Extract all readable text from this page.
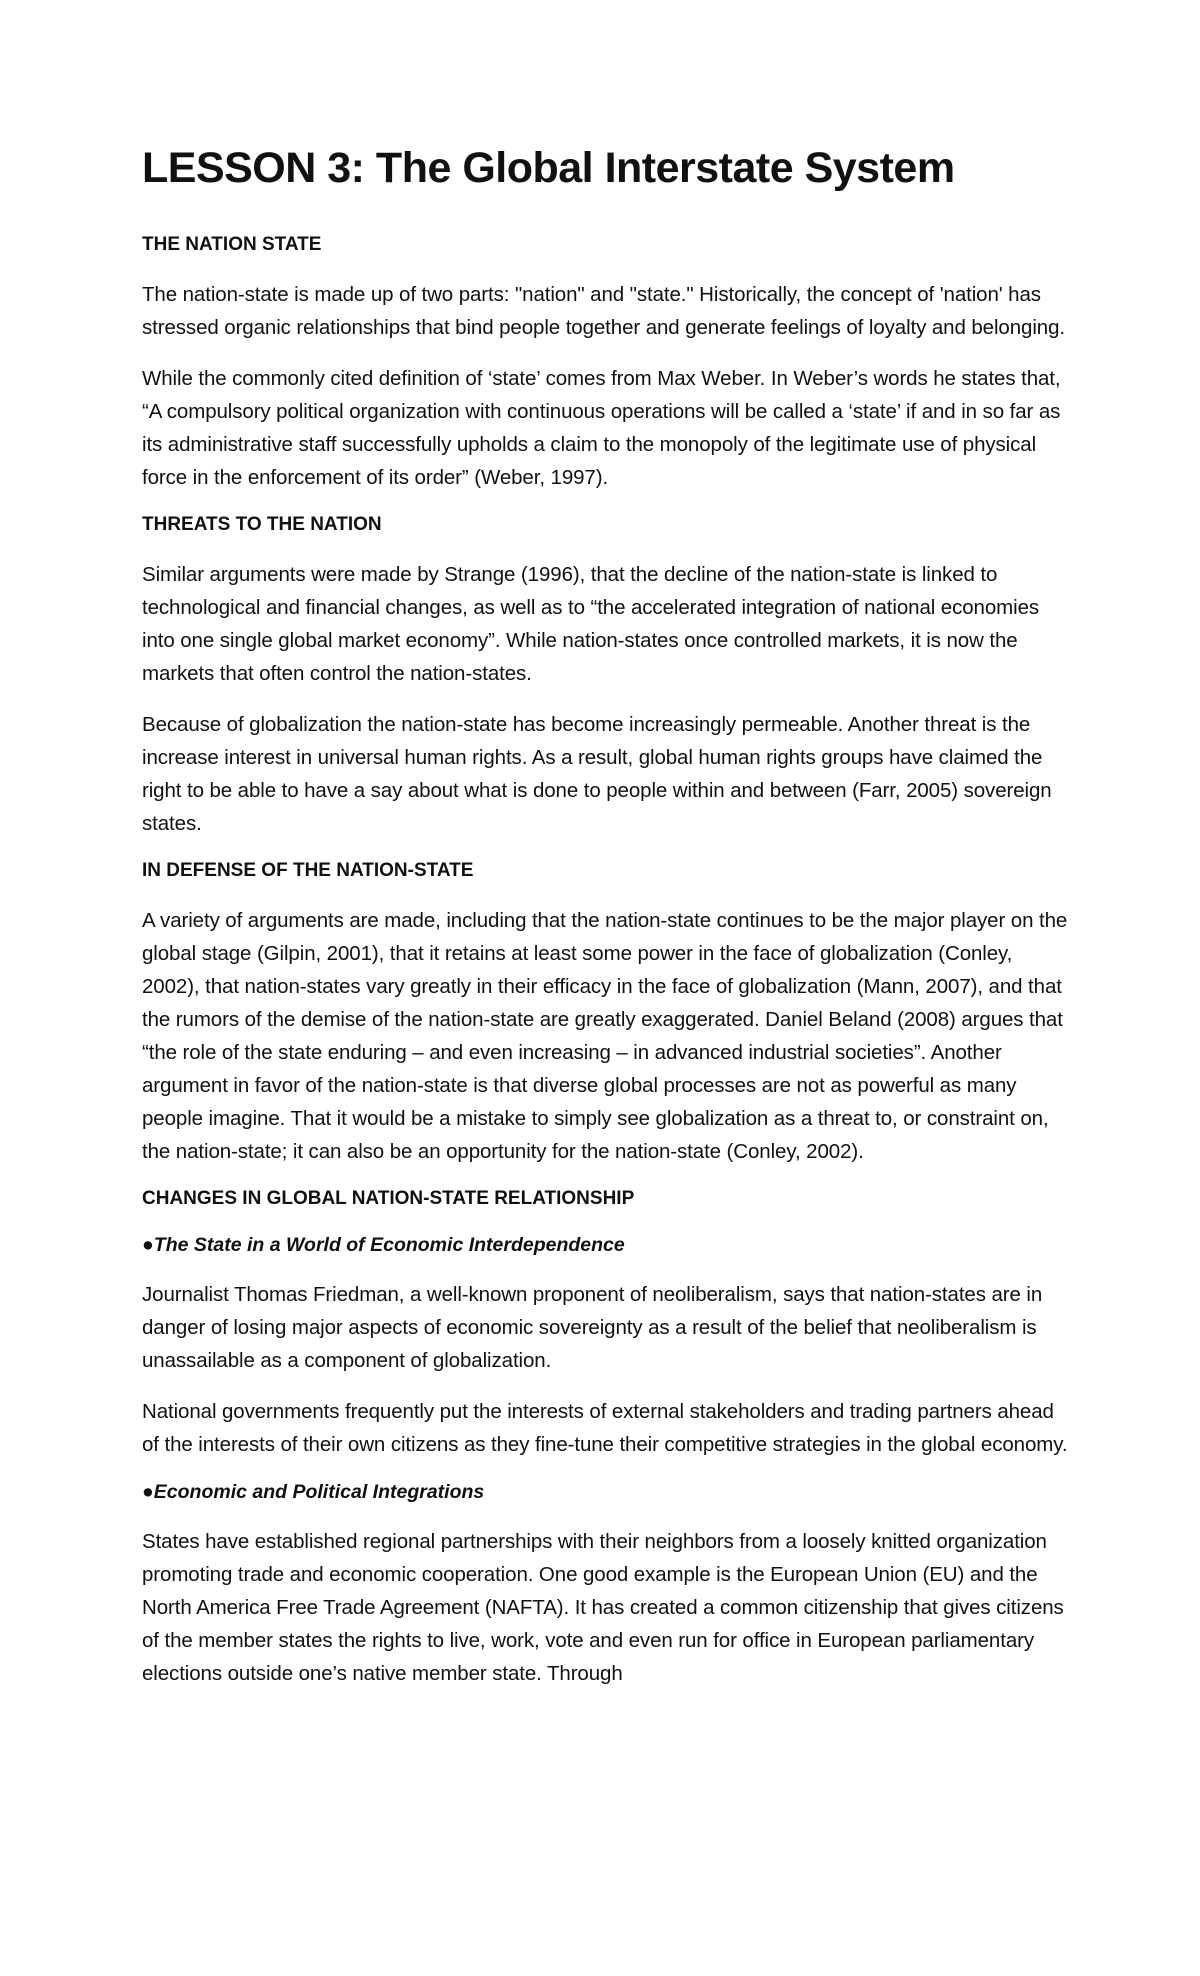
LESSON 3: The Global Interstate System
THE NATION STATE

The nation-state is made up of two parts: "nation" and "state." Historically, the concept of 'nation' has stressed organic relationships that bind people together and generate feelings of loyalty and belonging.

While the commonly cited definition of ‘state’ comes from Max Weber. In Weber’s words he states that, “A compulsory political organization with continuous operations will be called a ‘state’ if and in so far as its administrative staff successfully upholds a claim to the monopoly of the legitimate use of physical force in the enforcement of its order” (Weber, 1997).

THREATS TO THE NATION

Similar arguments were made by Strange (1996), that the decline of the nation-state is linked to technological and financial changes, as well as to “the accelerated integration of national economies into one single global market economy”. While nation-states once controlled markets, it is now the markets that often control the nation-states.

Because of globalization the nation-state has become increasingly permeable. Another threat is the increase interest in universal human rights. As a result, global human rights groups have claimed the right to be able to have a say about what is done to people within and between (Farr, 2005) sovereign states.

IN DEFENSE OF THE NATION-STATE

A variety of arguments are made, including that the nation-state continues to be the major player on the global stage (Gilpin, 2001), that it retains at least some power in the face of globalization (Conley, 2002), that nation-states vary greatly in their efficacy in the face of globalization (Mann, 2007), and that the rumors of the demise of the nation-state are greatly exaggerated. Daniel Beland (2008) argues that “the role of the state enduring – and even increasing – in advanced industrial societies”. Another argument in favor of the nation-state is that diverse global processes are not as powerful as many people imagine. That it would be a mistake to simply see globalization as a threat to, or constraint on, the nation-state; it can also be an opportunity for the nation-state (Conley, 2002).

CHANGES IN GLOBAL NATION-STATE RELATIONSHIP
●The State in a World of Economic Interdependence

Journalist Thomas Friedman, a well-known proponent of neoliberalism, says that nation-states are in danger of losing major aspects of economic sovereignty as a result of the belief that neoliberalism is unassailable as a component of globalization.

National governments frequently put the interests of external stakeholders and trading partners ahead of the interests of their own citizens as they fine-tune their competitive strategies in the global economy.

●Economic and Political Integrations

States have established regional partnerships with their neighbors from a loosely knitted organization promoting trade and economic cooperation. One good example is the European Union (EU) and the North America Free Trade Agreement (NAFTA). It has created a common citizenship that gives citizens of the member states the rights to live, work, vote and even run for office in European parliamentary elections outside one’s native member state. Through
